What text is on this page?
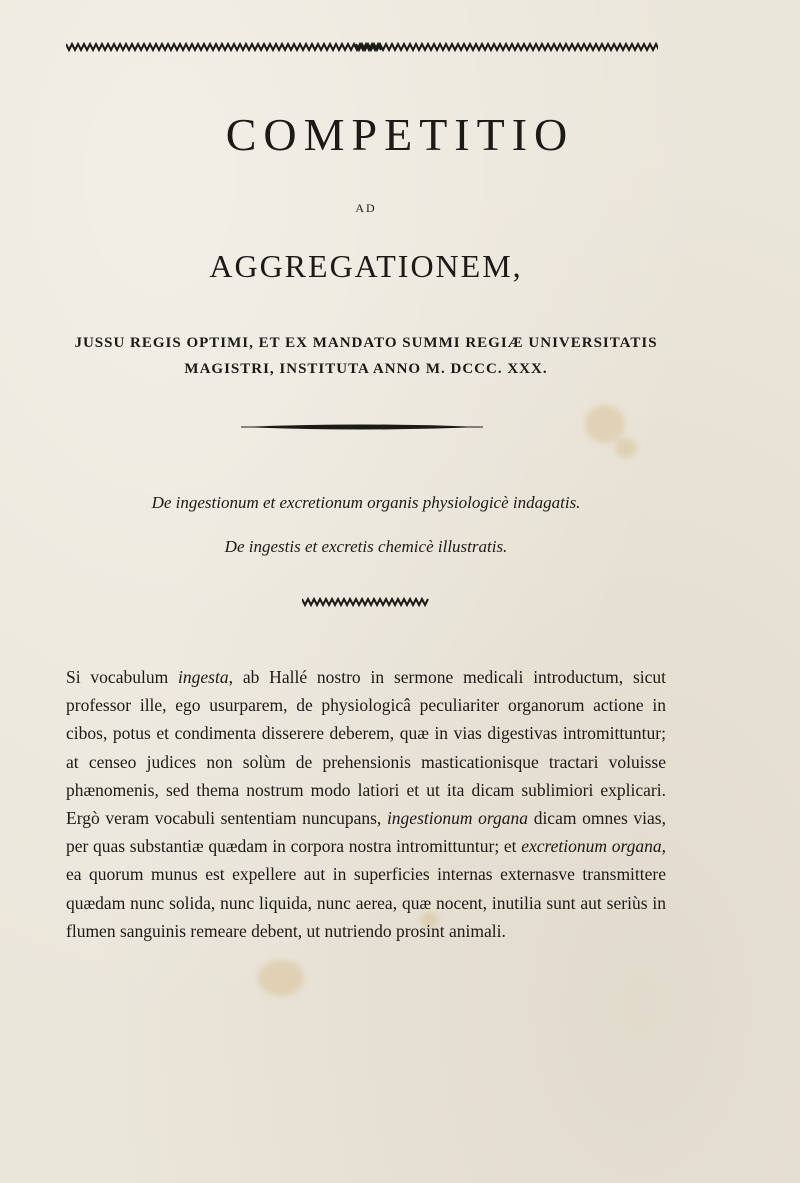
COMPETITIO
AD
AGGREGATIONEM,
JUSSU REGIS OPTIMI, ET EX MANDATO SUMMI REGIÆ UNIVERSITATIS
MAGISTRI, INSTITUTA ANNO M. DCCC. XXX.
De ingestionum et excretionum organis physiologicè indagatis.
De ingestis et excretis chemicè illustratis.

Si vocabulum ingesta, ab Hallé nostro in sermone medicali introductum, sicut professor ille, ego usurparem, de physiologicâ peculiariter organorum actione in cibos, potus et condimenta disserere deberem, quæ in vias digestivas intromittuntur; at censeo judices non solùm de prehensionis masticationisque tractari voluisse phænomenis, sed thema nostrum modo latiori et ut ita dicam sublimiori explicari. Ergò veram vocabuli sententiam nuncupans, ingestionum organa dicam omnes vias, per quas substantiæ quædam in corpora nostra intromittuntur; et excretionum organa, ea quorum munus est expellere aut in superficies internas externasve transmittere quædam nunc solida, nunc liquida, nunc aerea, quæ nocent, inutilia sunt aut seriùs in flumen sanguinis remeare debent, ut nutriendo prosint animali.
